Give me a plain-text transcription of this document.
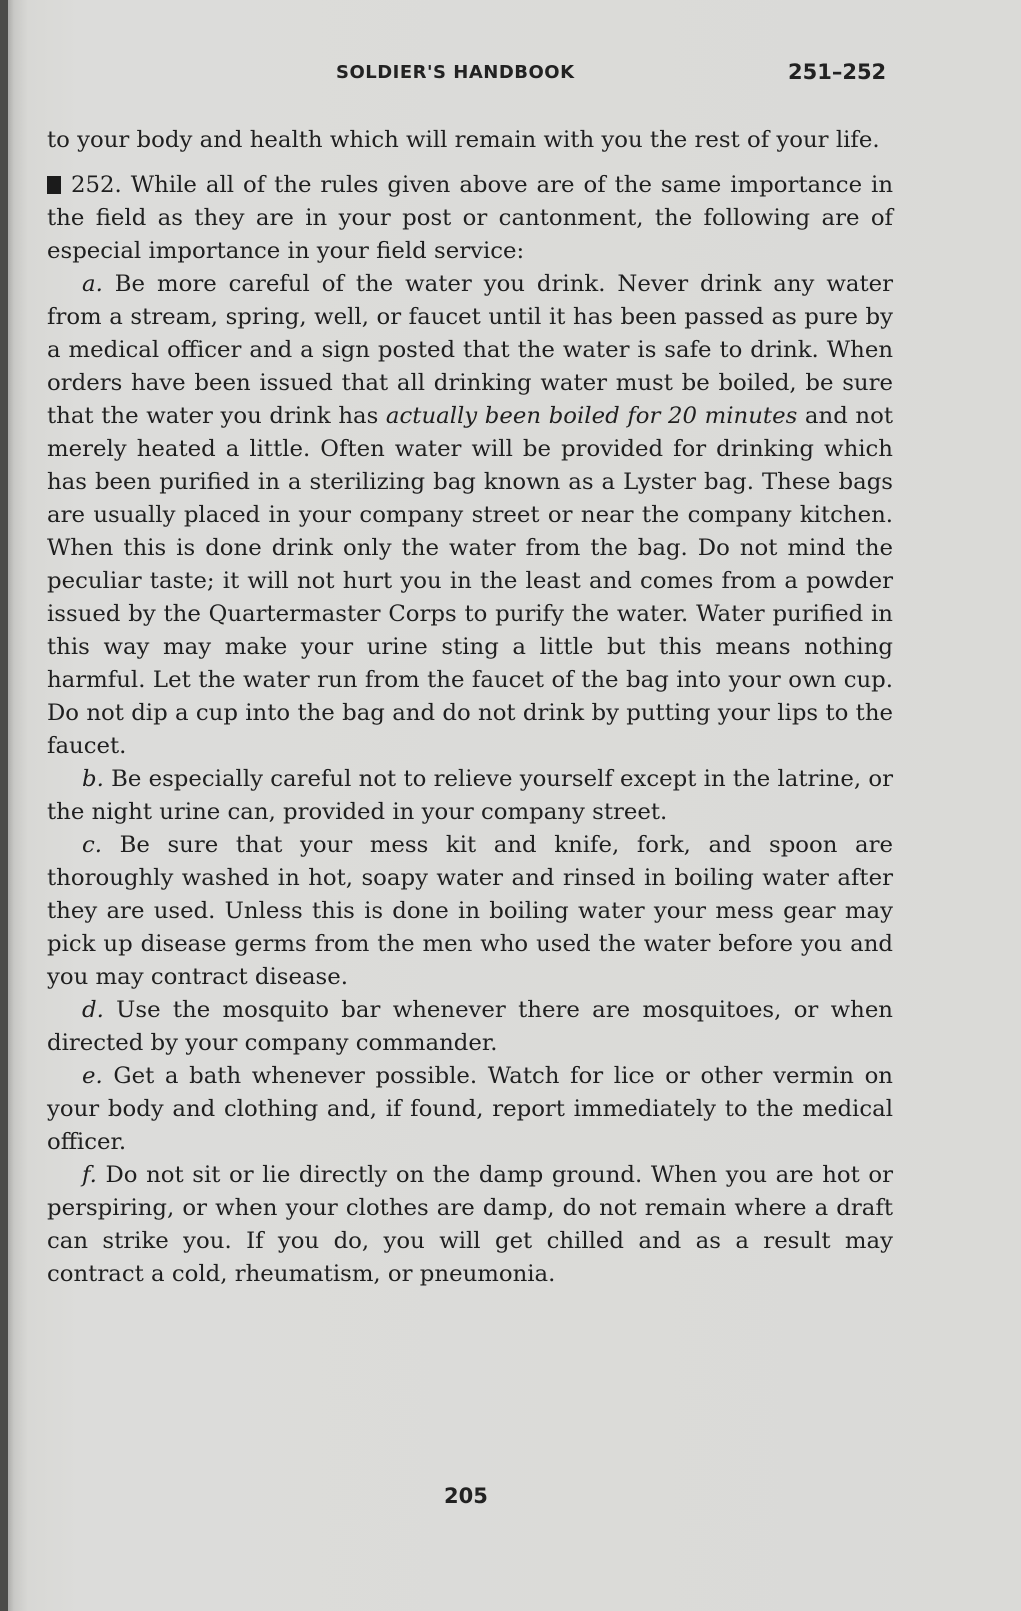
SOLDIER'S HANDBOOK	251–252

to your body and health which will remain with you the rest of your life.

252. While all of the rules given above are of the same importance in the field as they are in your post or cantonment, the following are of especial importance in your field service:

a. Be more careful of the water you drink. Never drink any water from a stream, spring, well, or faucet until it has been passed as pure by a medical officer and a sign posted that the water is safe to drink. When orders have been issued that all drinking water must be boiled, be sure that the water you drink has actually been boiled for 20 minutes and not merely heated a little. Often water will be provided for drinking which has been purified in a sterilizing bag known as a Lyster bag. These bags are usually placed in your company street or near the company kitchen. When this is done drink only the water from the bag. Do not mind the peculiar taste; it will not hurt you in the least and comes from a powder issued by the Quartermaster Corps to purify the water. Water purified in this way may make your urine sting a little but this means nothing harmful. Let the water run from the faucet of the bag into your own cup. Do not dip a cup into the bag and do not drink by putting your lips to the faucet.

b. Be especially careful not to relieve yourself except in the latrine, or the night urine can, provided in your company street.

c. Be sure that your mess kit and knife, fork, and spoon are thoroughly washed in hot, soapy water and rinsed in boiling water after they are used. Unless this is done in boiling water your mess gear may pick up disease germs from the men who used the water before you and you may contract disease.

d. Use the mosquito bar whenever there are mosquitoes, or when directed by your company commander.

e. Get a bath whenever possible. Watch for lice or other vermin on your body and clothing and, if found, report immediately to the medical officer.

f. Do not sit or lie directly on the damp ground. When you are hot or perspiring, or when your clothes are damp, do not remain where a draft can strike you. If you do, you will get chilled and as a result may contract a cold, rheumatism, or pneumonia.

205
